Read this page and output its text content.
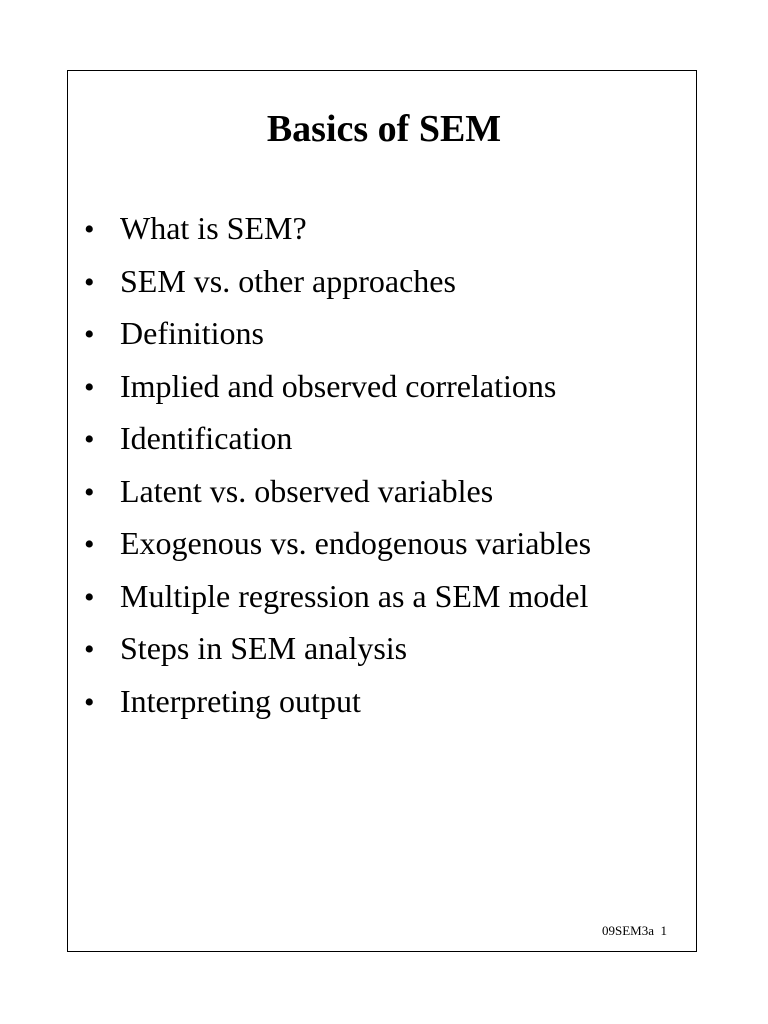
Basics of SEM
• What is SEM?
• SEM vs. other approaches
• Definitions
• Implied and observed correlations
• Identification
• Latent vs. observed variables
• Exogenous vs. endogenous variables
• Multiple regression as a SEM model
• Steps in SEM analysis
• Interpreting output
09SEM3a 1
